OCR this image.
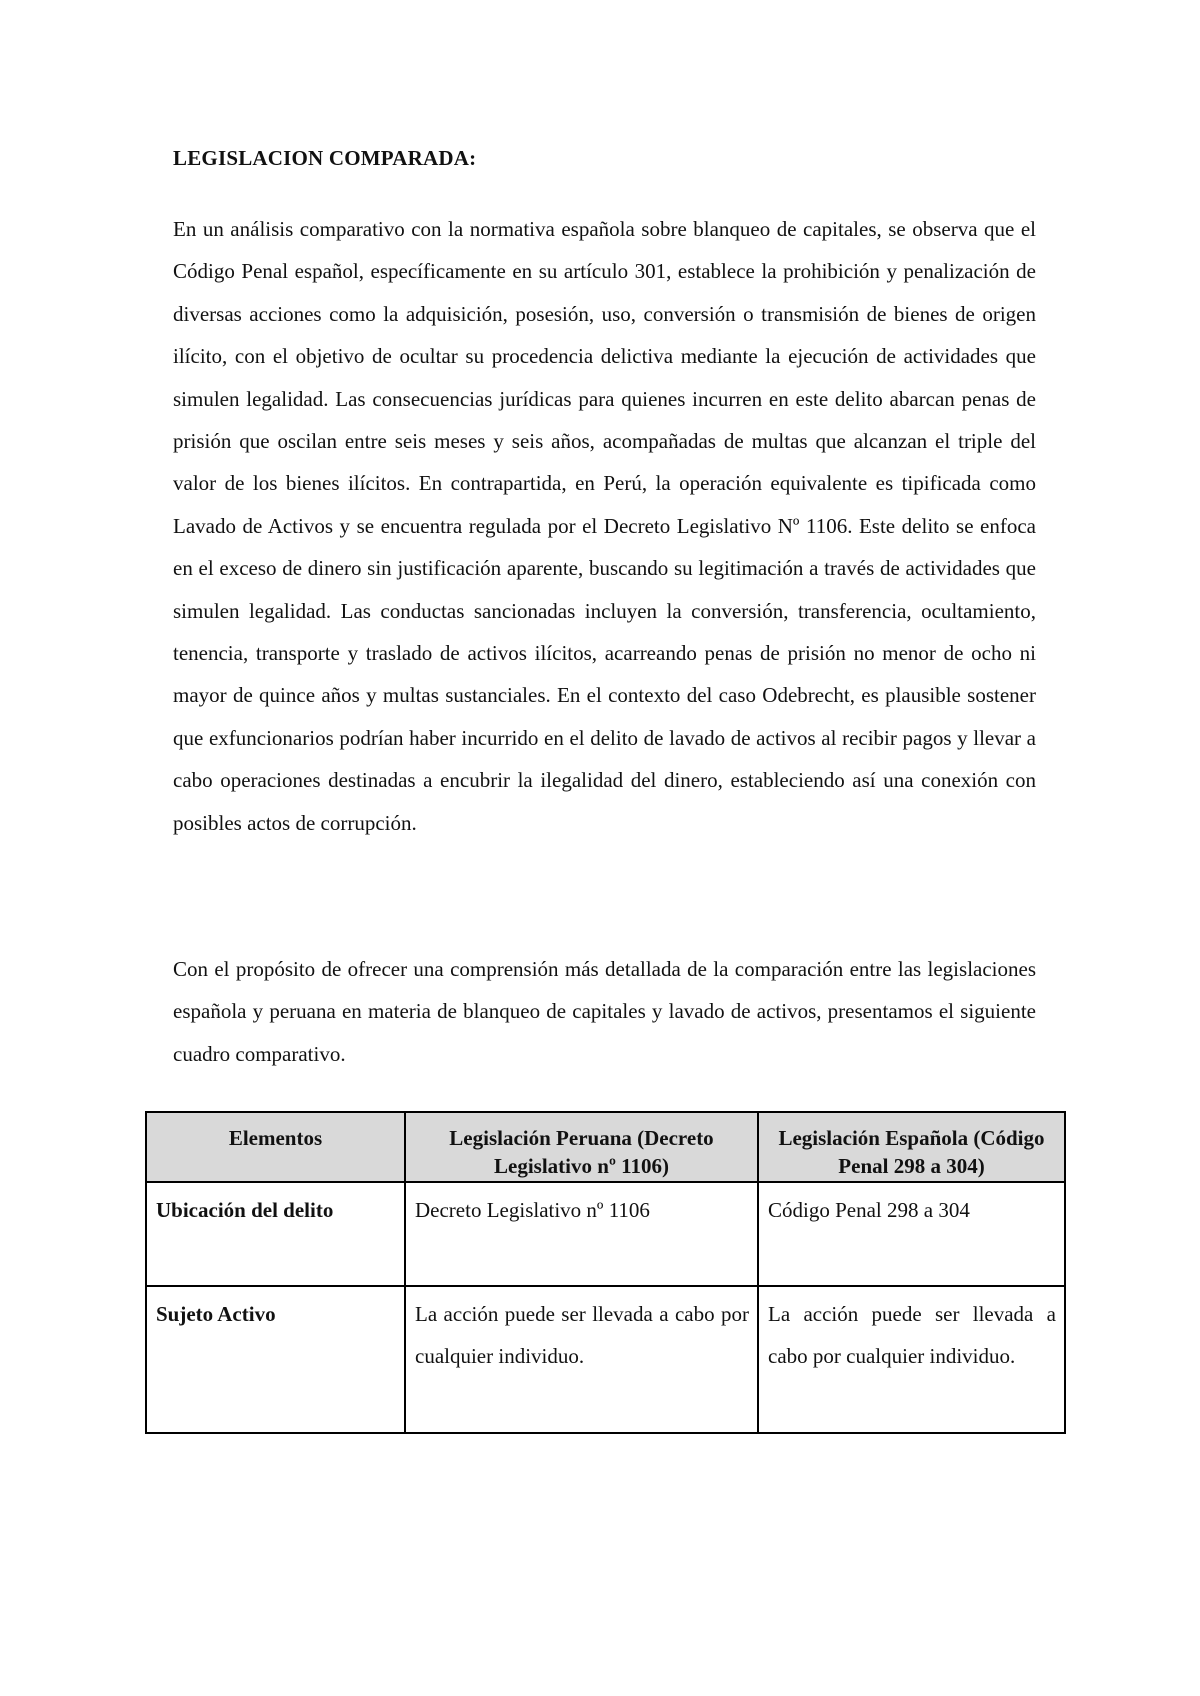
LEGISLACION COMPARADA:

En un análisis comparativo con la normativa española sobre blanqueo de capitales, se observa que el Código Penal español, específicamente en su artículo 301, establece la prohibición y penalización de diversas acciones como la adquisición, posesión, uso, conversión o transmisión de bienes de origen ilícito, con el objetivo de ocultar su procedencia delictiva mediante la ejecución de actividades que simulen legalidad. Las consecuencias jurídicas para quienes incurren en este delito abarcan penas de prisión que oscilan entre seis meses y seis años, acompañadas de multas que alcanzan el triple del valor de los bienes ilícitos. En contrapartida, en Perú, la operación equivalente es tipificada como Lavado de Activos y se encuentra regulada por el Decreto Legislativo Nº 1106. Este delito se enfoca en el exceso de dinero sin justificación aparente, buscando su legitimación a través de actividades que simulen legalidad. Las conductas sancionadas incluyen la conversión, transferencia, ocultamiento, tenencia, transporte y traslado de activos ilícitos, acarreando penas de prisión no menor de ocho ni mayor de quince años y multas sustanciales. En el contexto del caso Odebrecht, es plausible sostener que exfuncionarios podrían haber incurrido en el delito de lavado de activos al recibir pagos y llevar a cabo operaciones destinadas a encubrir la ilegalidad del dinero, estableciendo así una conexión con posibles actos de corrupción.

Con el propósito de ofrecer una comprensión más detallada de la comparación entre las legislaciones española y peruana en materia de blanqueo de capitales y lavado de activos, presentamos el siguiente cuadro comparativo.

Elementos	Legislación Peruana (Decreto Legislativo nº 1106)	Legislación Española (Código Penal 298 a 304)
Ubicación del delito	Decreto Legislativo nº 1106	Código Penal 298 a 304
Sujeto Activo	La acción puede ser llevada a cabo por cualquier individuo.	La acción puede ser llevada a cabo por cualquier individuo.
